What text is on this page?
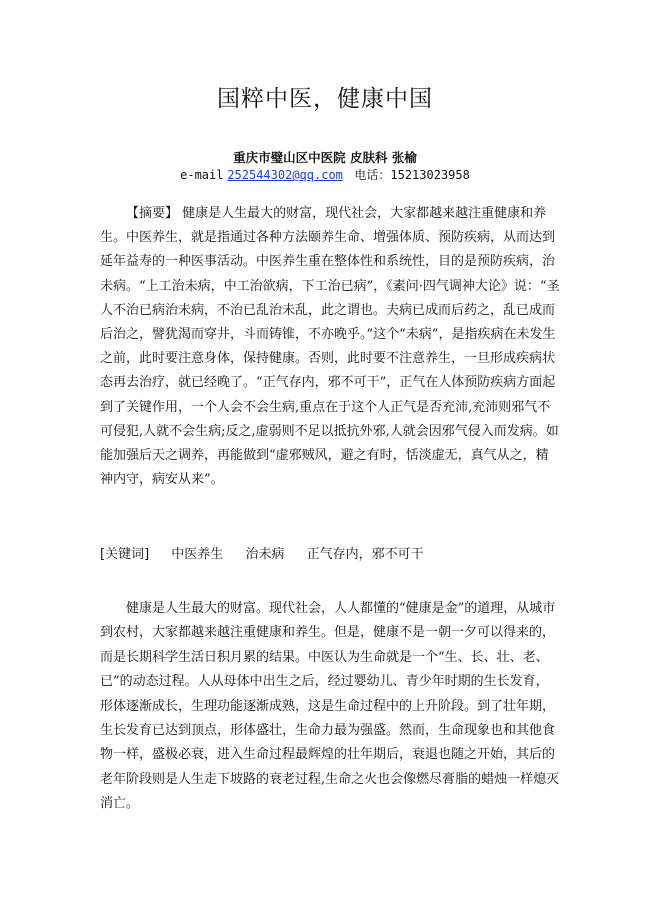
国粹中医，健康中国
重庆市璧山区中医院 皮肤科 张榆
e-mail 252544302@qq.com 电话：15213023958
【摘要】 健康是人生最大的财富，现代社会，大家都越来越注重健康和养生。中医养生，就是指通过各种方法颐养生命、增强体质、预防疾病，从而达到延年益寿的一种医事活动。中医养生重在整体性和系统性，目的是预防疾病，治未病。“上工治未病，中工治欲病，下工治已病”，《素问·四气调神大论》说：“圣人不治已病治未病，不治已乱治未乱，此之谓也。夫病已成而后药之，乱已成而后治之，譬犹渴而穿井，斗而铸锥，不亦晚乎。”这个“未病”，是指疾病在未发生之前，此时要注意身体，保持健康。否则，此时要不注意养生，一旦形成疾病状态再去治疗，就已经晚了。“正气存内，邪不可干”，正气在人体预防疾病方面起到了关键作用，一个人会不会生病,重点在于这个人正气是否充沛,充沛则邪气不可侵犯,人就不会生病;反之,虚弱则不足以抵抗外邪,人就会因邪气侵入而发病。如能加强后天之调养，再能做到“虚邪贼风，避之有时，恬淡虚无，真气从之，精神内守，病安从来”。
[关键词] 中医养生 治未病 正气存内，邪不可干
健康是人生最大的财富。现代社会，人人都懂的“健康是金”的道理，从城市到农村，大家都越来越注重健康和养生。但是，健康不是一朝一夕可以得来的，而是长期科学生活日积月累的结果。中医认为生命就是一个“生、长、壮、老、已”的动态过程。人从母体中出生之后，经过婴幼儿、青少年时期的生长发育，形体逐渐成长，生理功能逐渐成熟，这是生命过程中的上升阶段。到了壮年期，生长发育已达到顶点，形体盛壮，生命力最为强盛。然而，生命现象也和其他食物一样，盛极必衰，进入生命过程最辉煌的壮年期后，衰退也随之开始，其后的老年阶段则是人生走下坡路的衰老过程,生命之火也会像燃尽膏脂的蜡烛一样熄灭消亡。
